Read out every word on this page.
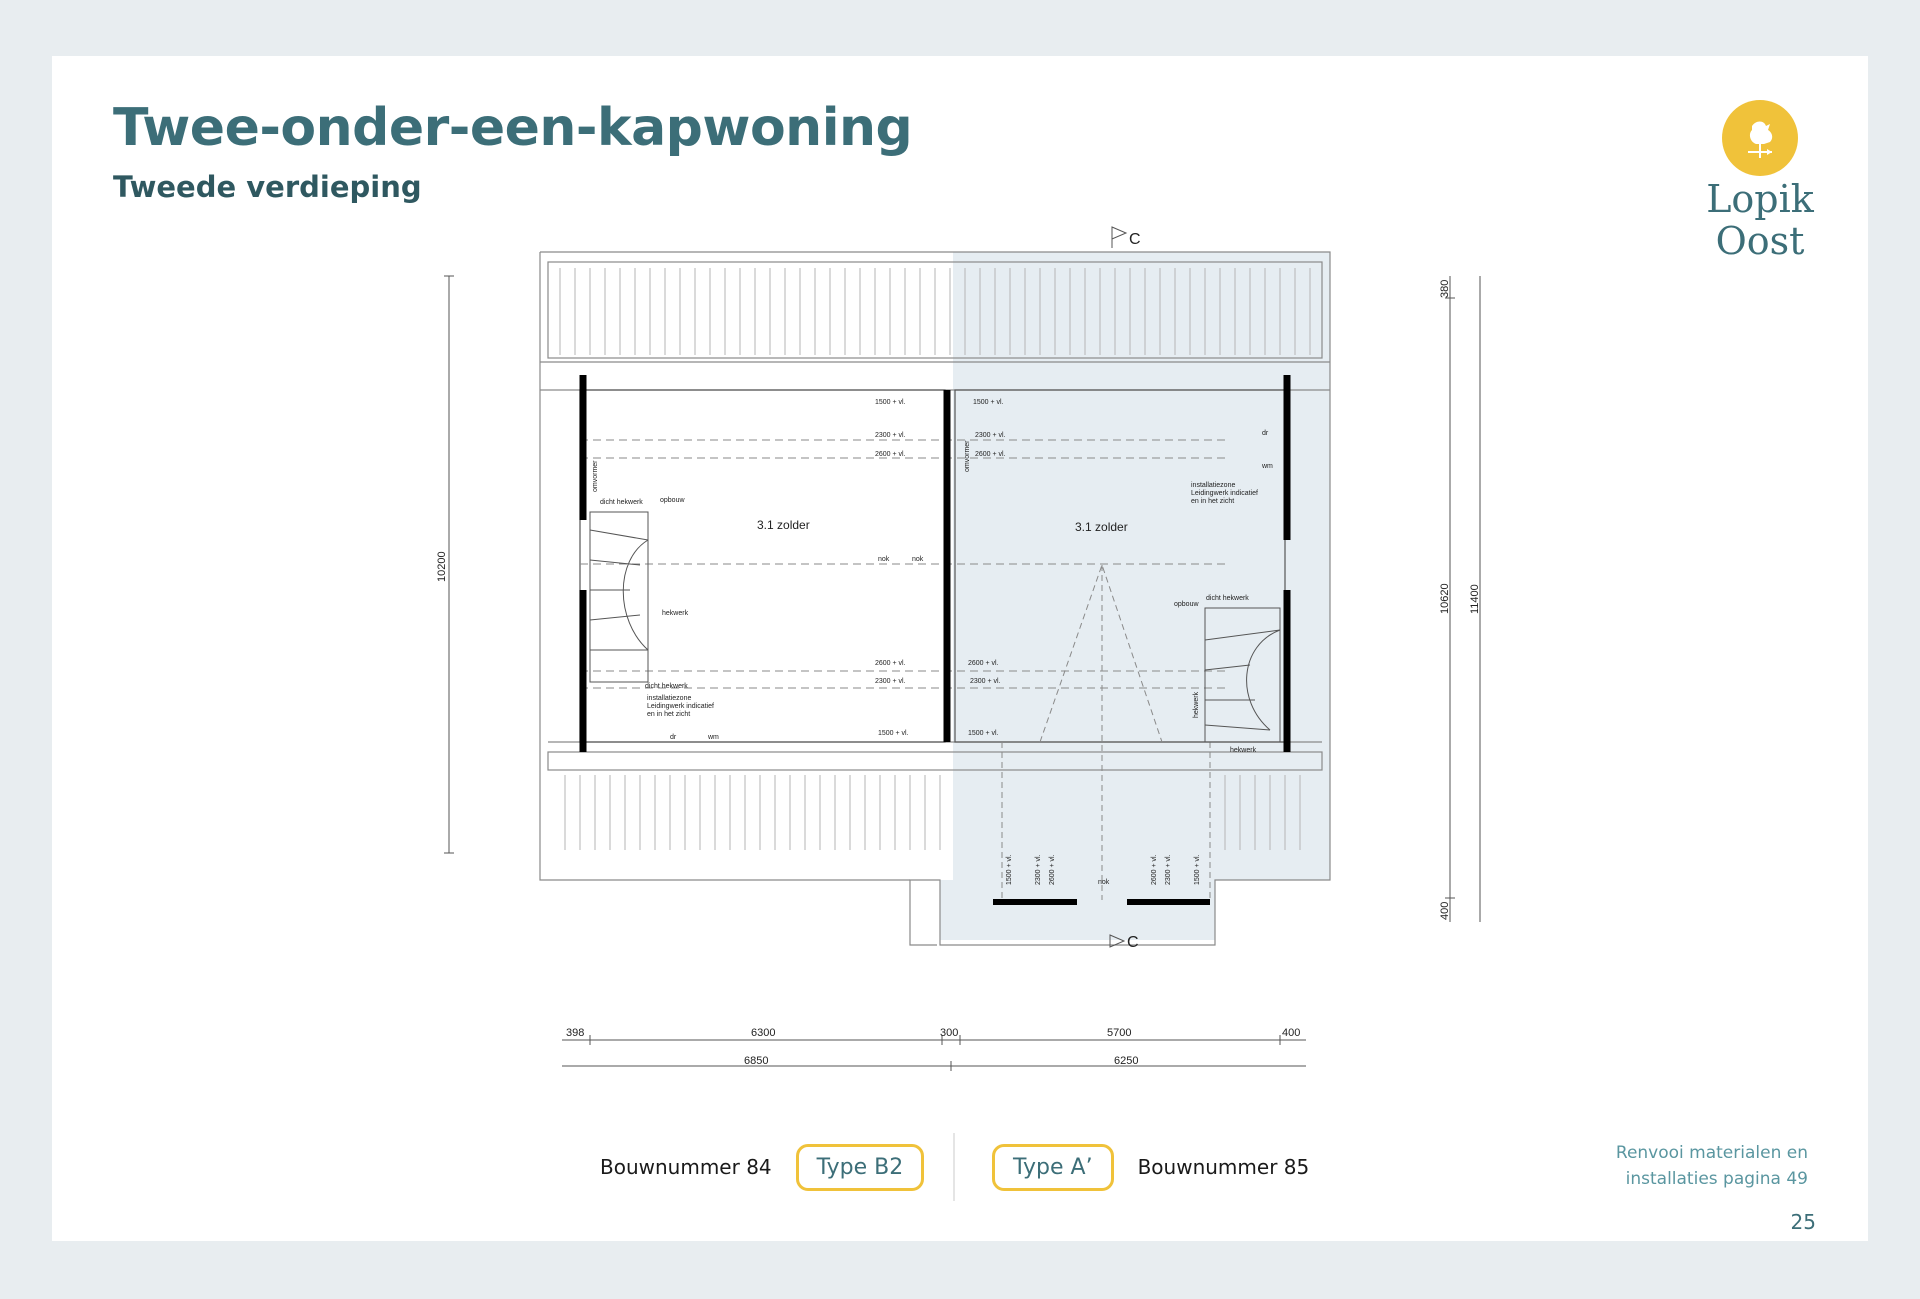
Twee-onder-een-kapwoning
Tweede verdieping	Lopik
Oost
C
C
3.1 zolder	3.1 zolder
1500 + vl.
2300 + vl.
2600 + vl.
nok
2600 + vl.
2300 + vl.
1500 + vl.
dicht hekwerk opbouw
hekwerk
dicht hekwerk
installatiezone
Leidingwerk indicatief
en in het zicht
dr	wm
omvormer
1500 + vl.
2300 + vl.
2600 + vl.
nok
2600 + vl.
2300 + vl.
1500 + vl.
installatiezone
Leidingwerk indicatief
en in het zicht
dr
wm
opbouw
dicht hekwerk
hekwerk
nok
omvormer
hekwerk
1500 + vl.	2300 + vl. 2600 + vl.	2600 + vl. 2300 + vl.	1500 + vl.
10200
380
10620
400
11400
398	6300	300	5700	400
6850	6250
Bouwnummer 84	Type B2	Type A’	Bouwnummer 85
Renvooi materialen en
installaties pagina 49
25
